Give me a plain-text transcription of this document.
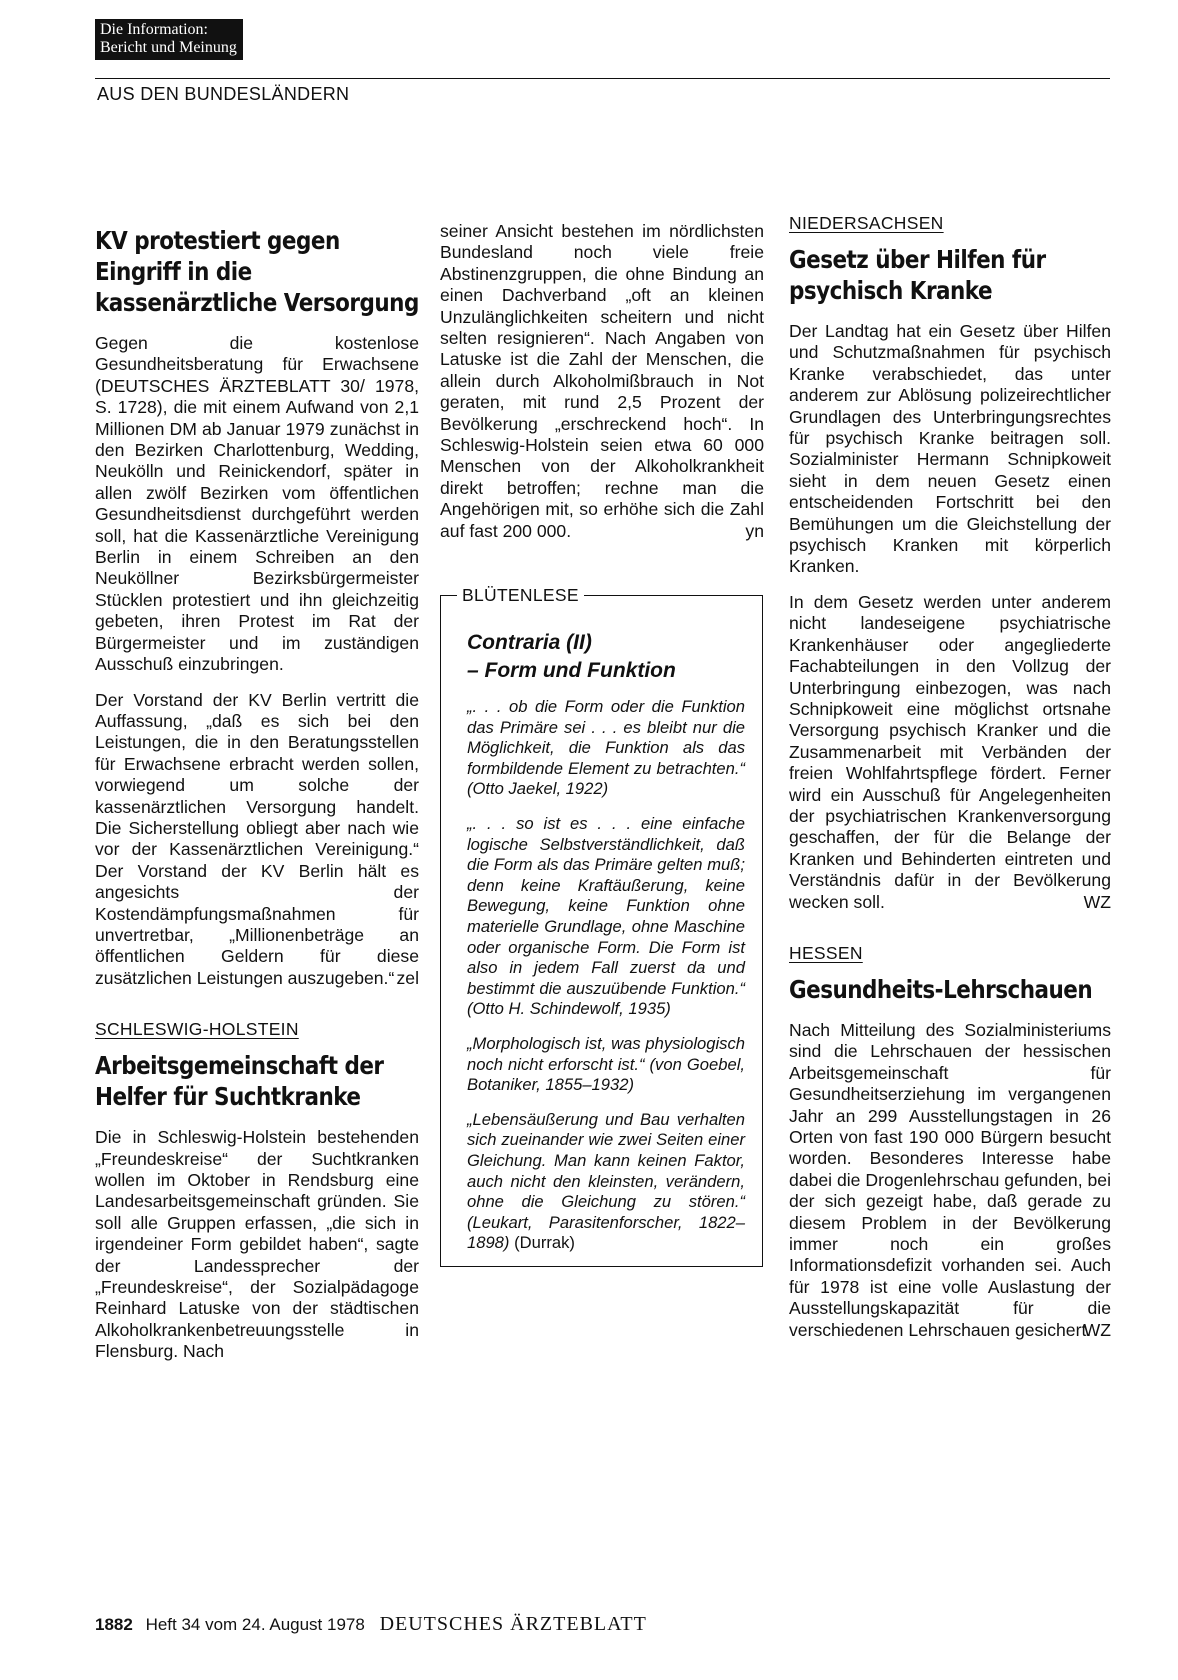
Die Information:
Bericht und Meinung
AUS DEN BUNDESLÄNDERN
KV protestiert gegen Eingriff in die kassenärztliche Versorgung

Gegen die kostenlose Gesundheitsberatung für Erwachsene (DEUTSCHES ÄRZTEBLATT 30/ 1978, S. 1728), die mit einem Aufwand von 2,1 Millionen DM ab Januar 1979 zunächst in den Bezirken Charlottenburg, Wedding, Neukölln und Reinickendorf, später in allen zwölf Bezirken vom öffentlichen Gesundheitsdienst durchgeführt werden soll, hat die Kassenärztliche Vereinigung Berlin in einem Schreiben an den Neuköllner Bezirksbürgermeister Stücklen protestiert und ihn gleichzeitig gebeten, ihren Protest im Rat der Bürgermeister und im zuständigen Ausschuß einzubringen.

Der Vorstand der KV Berlin vertritt die Auffassung, „daß es sich bei den Leistungen, die in den Beratungsstellen für Erwachsene erbracht werden sollen, vorwiegend um solche der kassenärztlichen Versorgung handelt. Die Sicherstellung obliegt aber nach wie vor der Kassenärztlichen Vereinigung.“ Der Vorstand der KV Berlin hält es angesichts der Kostendämpfungsmaßnahmen für unvertretbar, „Millionenbeträge an öffentlichen Geldern für diese zusätzlichen Leistungen auszugeben.“ zel

SCHLESWIG-HOLSTEIN
Arbeitsgemeinschaft der Helfer für Suchtkranke

Die in Schleswig-Holstein bestehenden „Freundeskreise“ der Suchtkranken wollen im Oktober in Rendsburg eine Landesarbeitsgemeinschaft gründen. Sie soll alle Gruppen erfassen, „die sich in irgendeiner Form gebildet haben“, sagte der Landessprecher der „Freundeskreise“, der Sozialpädagoge Reinhard Latuske von der städtischen Alkoholkrankenbetreuungsstelle in Flensburg. Nach

seiner Ansicht bestehen im nördlichsten Bundesland noch viele freie Abstinenzgruppen, die ohne Bindung an einen Dachverband „oft an kleinen Unzulänglichkeiten scheitern und nicht selten resignieren“. Nach Angaben von Latuske ist die Zahl der Menschen, die allein durch Alkoholmißbrauch in Not geraten, mit rund 2,5 Prozent der Bevölkerung „erschreckend hoch“. In Schleswig-Holstein seien etwa 60 000 Menschen von der Alkoholkrankheit direkt betroffen; rechne man die Angehörigen mit, so erhöhe sich die Zahl auf fast 200 000.	yn

BLÜTENLESE
Contraria (II)
– Form und Funktion

„. . . ob die Form oder die Funktion das Primäre sei . . . es bleibt nur die Möglichkeit, die Funktion als das formbildende Element zu betrachten.“ (Otto Jaekel, 1922)

„. . . so ist es . . . eine einfache logische Selbstverständlichkeit, daß die Form als das Primäre gelten muß; denn keine Kraftäußerung, keine Bewegung, keine Funktion ohne materielle Grundlage, ohne Maschine oder organische Form. Die Form ist also in jedem Fall zuerst da und bestimmt die auszuübende Funktion.“ (Otto H. Schindewolf, 1935)

„Morphologisch ist, was physiologisch noch nicht erforscht ist.“ (von Goebel, Botaniker, 1855–1932)

„Lebensäußerung und Bau verhalten sich zueinander wie zwei Seiten einer Gleichung. Man kann keinen Faktor, auch nicht den kleinsten, verändern, ohne die Gleichung zu stören.“ (Leukart, Parasitenforscher, 1822–1898) (Durrak)

NIEDERSACHSEN
Gesetz über Hilfen für psychisch Kranke

Der Landtag hat ein Gesetz über Hilfen und Schutzmaßnahmen für psychisch Kranke verabschiedet, das unter anderem zur Ablösung polizeirechtlicher Grundlagen des Unterbringungsrechtes für psychisch Kranke beitragen soll. Sozialminister Hermann Schnipkoweit sieht in dem neuen Gesetz einen entscheidenden Fortschritt bei den Bemühungen um die Gleichstellung der psychisch Kranken mit körperlich Kranken.

In dem Gesetz werden unter anderem nicht landeseigene psychiatrische Krankenhäuser oder angegliederte Fachabteilungen in den Vollzug der Unterbringung einbezogen, was nach Schnipkoweit eine möglichst ortsnahe Versorgung psychisch Kranker und die Zusammenarbeit mit Verbänden der freien Wohlfahrtspflege fördert. Ferner wird ein Ausschuß für Angelegenheiten der psychiatrischen Krankenversorgung geschaffen, der für die Belange der Kranken und Behinderten eintreten und Verständnis dafür in der Bevölkerung wecken soll.	WZ

HESSEN
Gesundheits-Lehrschauen

Nach Mitteilung des Sozialministeriums sind die Lehrschauen der hessischen Arbeitsgemeinschaft für Gesundheitserziehung im vergangenen Jahr an 299 Ausstellungstagen in 26 Orten von fast 190 000 Bürgern besucht worden. Besonderes Interesse habe dabei die Drogenlehrschau gefunden, bei der sich gezeigt habe, daß gerade zu diesem Problem in der Bevölkerung immer noch ein großes Informationsdefizit vorhanden sei. Auch für 1978 ist eine volle Auslastung der Ausstellungskapazität für die verschiedenen Lehrschauen gesichert.

WZ

1882 Heft 34 vom 24. August 1978 DEUTSCHES ÄRZTEBLATT
